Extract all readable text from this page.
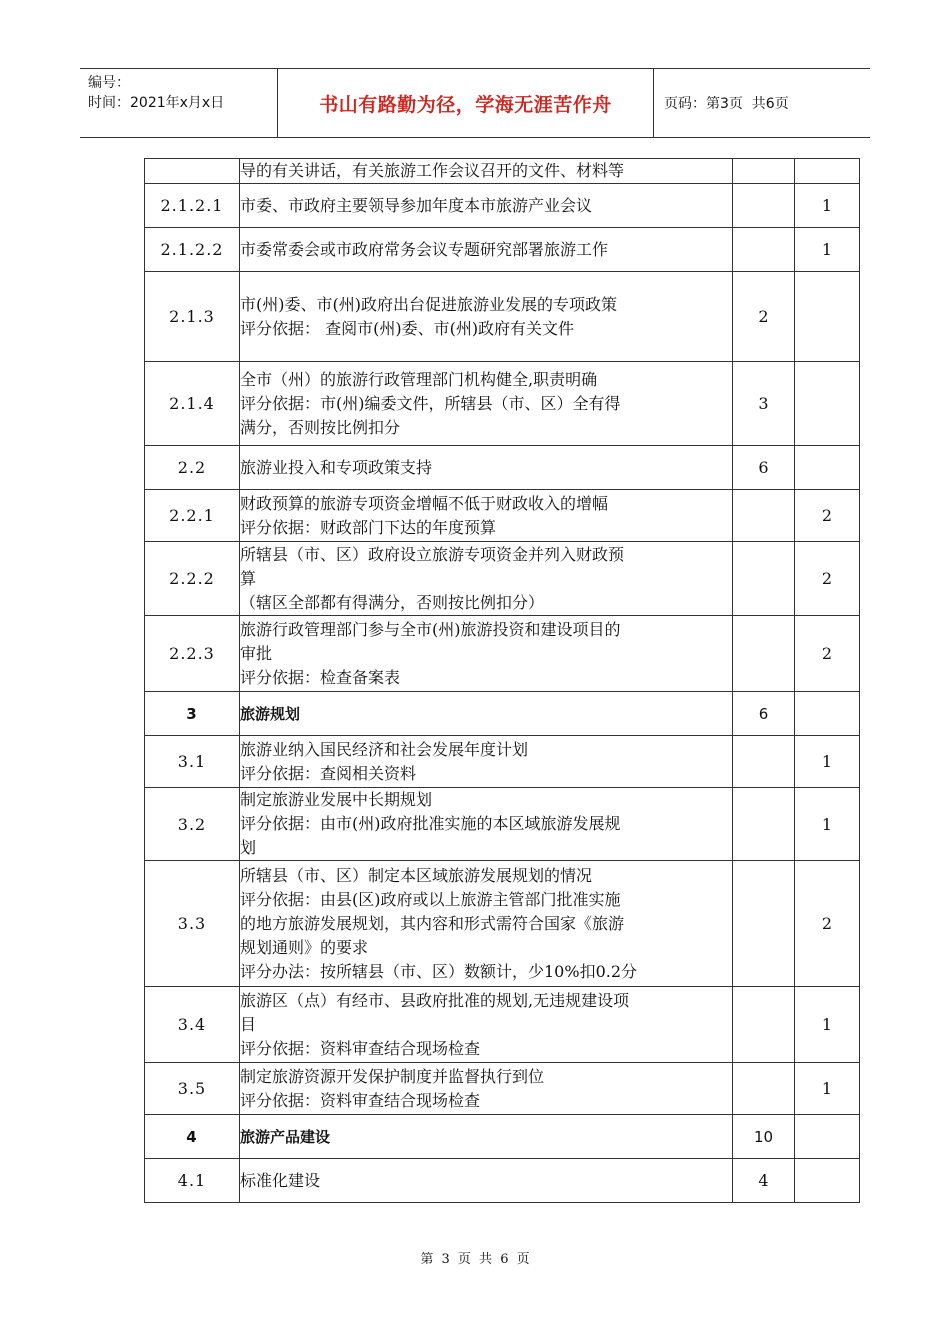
编号：
时间：2021年x月x日	书山有路勤为径，学海无涯苦作舟	页码：第3页  共6页

	导的有关讲话，有关旅游工作会议召开的文件、材料等		

2.1.2.1	市委、市政府主要领导参加年度本市旅游产业会议		1
2.1.2.2	市委常委会或市政府常务会议专题研究部署旅游工作		1
2.1.3	市(州)委、市(州)政府出台促进旅游业发展的专项政策
评分依据： 查阅市(州)委、市(州)政府有关文件	2	
2.1.4	全市（州）的旅游行政管理部门机构健全,职责明确
评分依据：市(州)编委文件，所辖县（市、区）全有得
满分，否则按比例扣分	3	
2.2	旅游业投入和专项政策支持	6	
2.2.1	财政预算的旅游专项资金增幅不低于财政收入的增幅
评分依据：财政部门下达的年度预算		2
2.2.2	所辖县（市、区）政府设立旅游专项资金并列入财政预
算
（辖区全部都有得满分，否则按比例扣分）		2
2.2.3	旅游行政管理部门参与全市(州)旅游投资和建设项目的
审批
评分依据：检查备案表		2
3	旅游规划	6	
3.1	旅游业纳入国民经济和社会发展年度计划
评分依据：查阅相关资料		1
3.2	制定旅游业发展中长期规划
评分依据：由市(州)政府批准实施的本区域旅游发展规
划		1
3.3	所辖县（市、区）制定本区域旅游发展规划的情况
评分依据：由县(区)政府或以上旅游主管部门批准实施
的地方旅游发展规划，其内容和形式需符合国家《旅游
规划通则》的要求
评分办法：按所辖县（市、区）数额计，少10%扣0.2分		2
3.4	旅游区（点）有经市、县政府批准的规划,无违规建设项
目
评分依据：资料审查结合现场检查		1
3.5	制定旅游资源开发保护制度并监督执行到位
评分依据：资料审查结合现场检查		1
4	旅游产品建设	10	
4.1	标准化建设	4	
第 3 页 共 6 页
